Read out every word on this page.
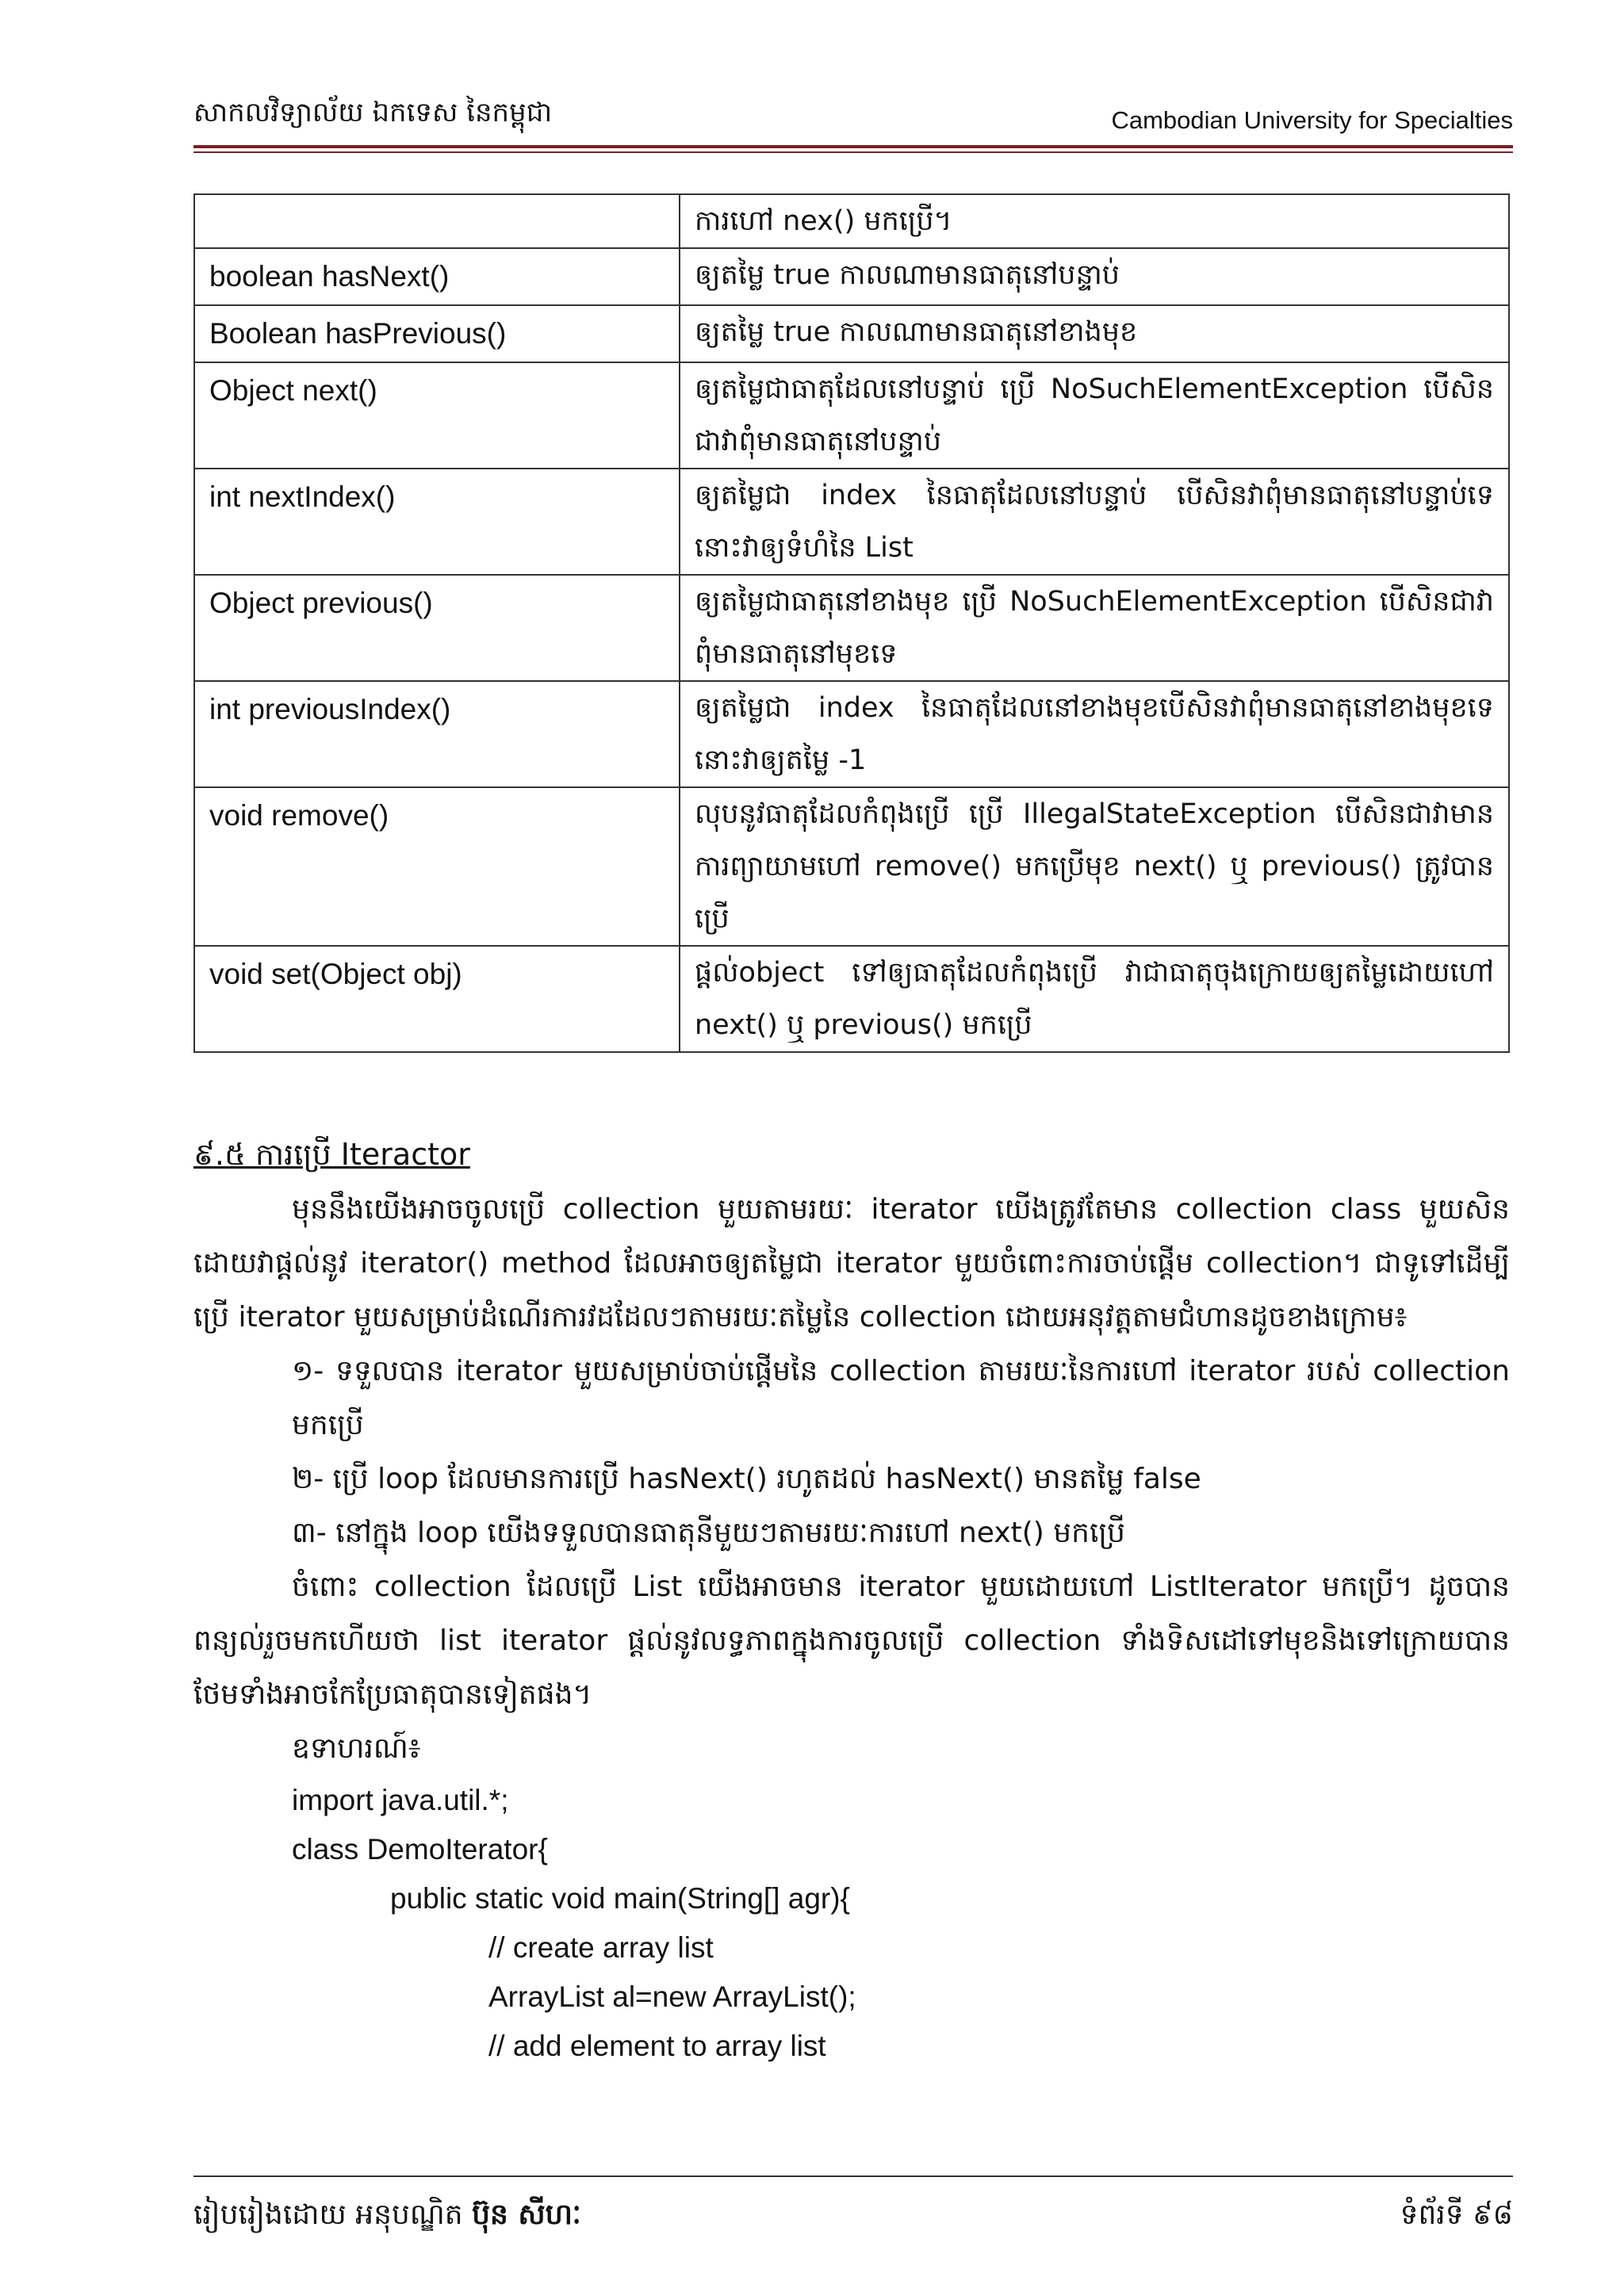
សាកលវិទ្យាល័យ ឯកទេស នៃកម្ពុជា	Cambodian University for Specialties
	ការហៅ nex() មកប្រើ។
boolean hasNext()	ឲ្យតម្លៃ true កាលណាមានធាតុនៅបន្ទាប់
Boolean hasPrevious()	ឲ្យតម្លៃ true កាលណាមានធាតុនៅខាងមុខ
Object next()	ឲ្យតម្លៃជាធាតុដែលនៅបន្ទាប់ ប្រើ NoSuchElementException បើសិនជាវាពុំមានធាតុនៅបន្ទាប់
int nextIndex()	ឲ្យតម្លៃជា index នៃធាតុដែលនៅបន្ទាប់ បើសិនវាពុំមានធាតុនៅបន្ទាប់ទេ នោះវាឲ្យទំហំនៃ List
Object previous()	ឲ្យតម្លៃជាធាតុនៅខាងមុខ ប្រើ NoSuchElementException បើសិនជាវាពុំមានធាតុនៅមុខទេ
int previousIndex()	ឲ្យតម្លៃជា index នៃធាតុដែលនៅខាងមុខបើសិនវាពុំមានធាតុនៅខាងមុខទេនោះវាឲ្យតម្លៃ -1
void remove()	លុបនូវធាតុដែលកំពុងប្រើ ប្រើ IllegalStateException បើសិនជាវាមានការព្យាយាមហៅ remove() មកប្រើមុខ next() ឬ previous() ត្រូវបានប្រើ
void set(Object obj)	ផ្តល់object ទៅឲ្យធាតុដែលកំពុងប្រើ វាជាធាតុចុងក្រោយឲ្យតម្លៃដោយហៅ next() ឬ previous() មកប្រើ
៩.៥ ការប្រើ Iteractor

មុននឹងយើងអាចចូលប្រើ collection មួយតាមរយៈ iterator យើងត្រូវតែមាន collection class មួយសិន ដោយវាផ្តល់នូវ iterator() method ដែលអាចឲ្យតម្លៃជា iterator មួយចំពោះការចាប់ផ្តើម collection។ ជាទូទៅដើម្បីប្រើ iterator មួយសម្រាប់ដំណើរការវដដែលៗតាមរយៈតម្លៃនៃ collection ដោយអនុវត្តតាមជំហានដូចខាងក្រោម៖

១- ទទួលបាន iterator មួយសម្រាប់ចាប់ផ្តើមនៃ collection តាមរយៈនៃការហៅ iterator របស់ collection មកប្រើ

២- ប្រើ loop ដែលមានការប្រើ hasNext() រហូតដល់ hasNext() មានតម្លៃ false

៣- នៅក្នុង loop យើងទទួលបានធាតុនីមួយៗតាមរយៈការហៅ next() មកប្រើ

ចំពោះ collection ដែលប្រើ List យើងអាចមាន iterator មួយដោយហៅ ListIterator មកប្រើ។ ដូចបានពន្យល់រួចមកហើយថា list iterator ផ្តល់នូវលទ្ធភាពក្នុងការចូលប្រើ collection ទាំងទិសដៅទៅមុខនិងទៅក្រោយបាន ថែមទាំងអាចកែប្រែធាតុបានទៀតផង។

ឧទាហរណ៍៖

import java.util.*;

class DemoIterator{

public static void main(String[] agr){

// create array list

ArrayList al=new ArrayList();

// add element to array list

រៀបរៀងដោយ អនុបណ្ឌិត ប៊ុន សីហៈ	ទំព័រទី ៩៨
